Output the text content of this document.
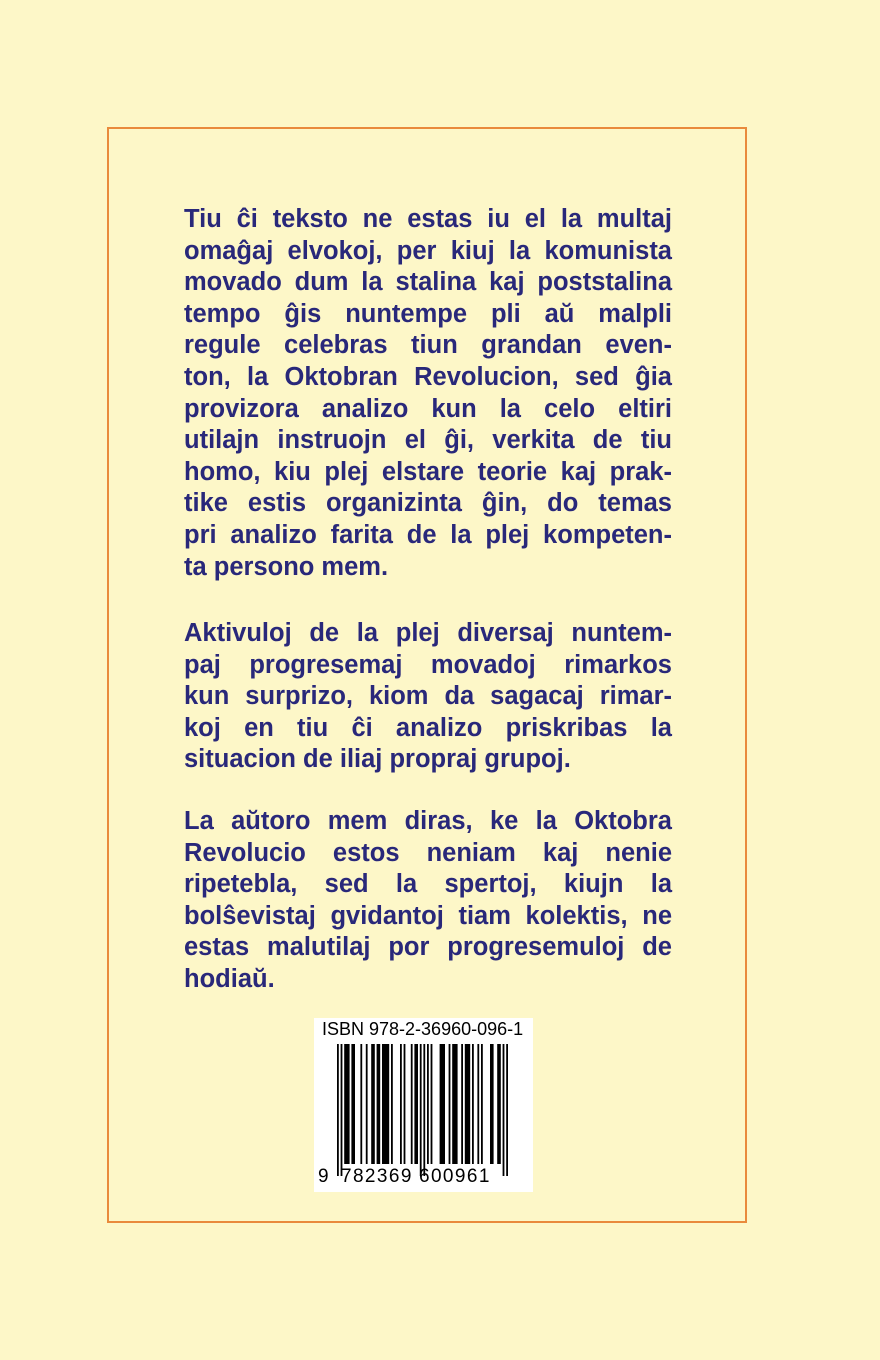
Tiu ĉi teksto ne estas iu el la multaj
omaĝaj elvokoj, per kiuj la komunista
movado dum la stalina kaj poststalina
tempo ĝis nuntempe pli aŭ malpli
regule celebras tiun grandan even-
ton, la Oktobran Revolucion, sed ĝia
provizora analizo kun la celo eltiri
utilajn instruojn el ĝi, verkita de tiu
homo, kiu plej elstare teorie kaj prak-
tike estis organizinta ĝin, do temas
pri analizo farita de la plej kompeten-
ta persono mem.
Aktivuloj de la plej diversaj nuntem-
paj progresemaj movadoj rimarkos
kun surprizo, kiom da sagacaj rimar-
koj en tiu ĉi analizo priskribas la
situacion de iliaj propraj grupoj.
La aŭtoro mem diras, ke la Oktobra
Revolucio estos neniam kaj nenie
ripetebla, sed la spertoj, kiujn la
bolŝevistaj gvidantoj tiam kolektis, ne
estas malutilaj por progresemuloj de
hodiaŭ.
ISBN 978-2-36960-096-1
9 782369 600961
